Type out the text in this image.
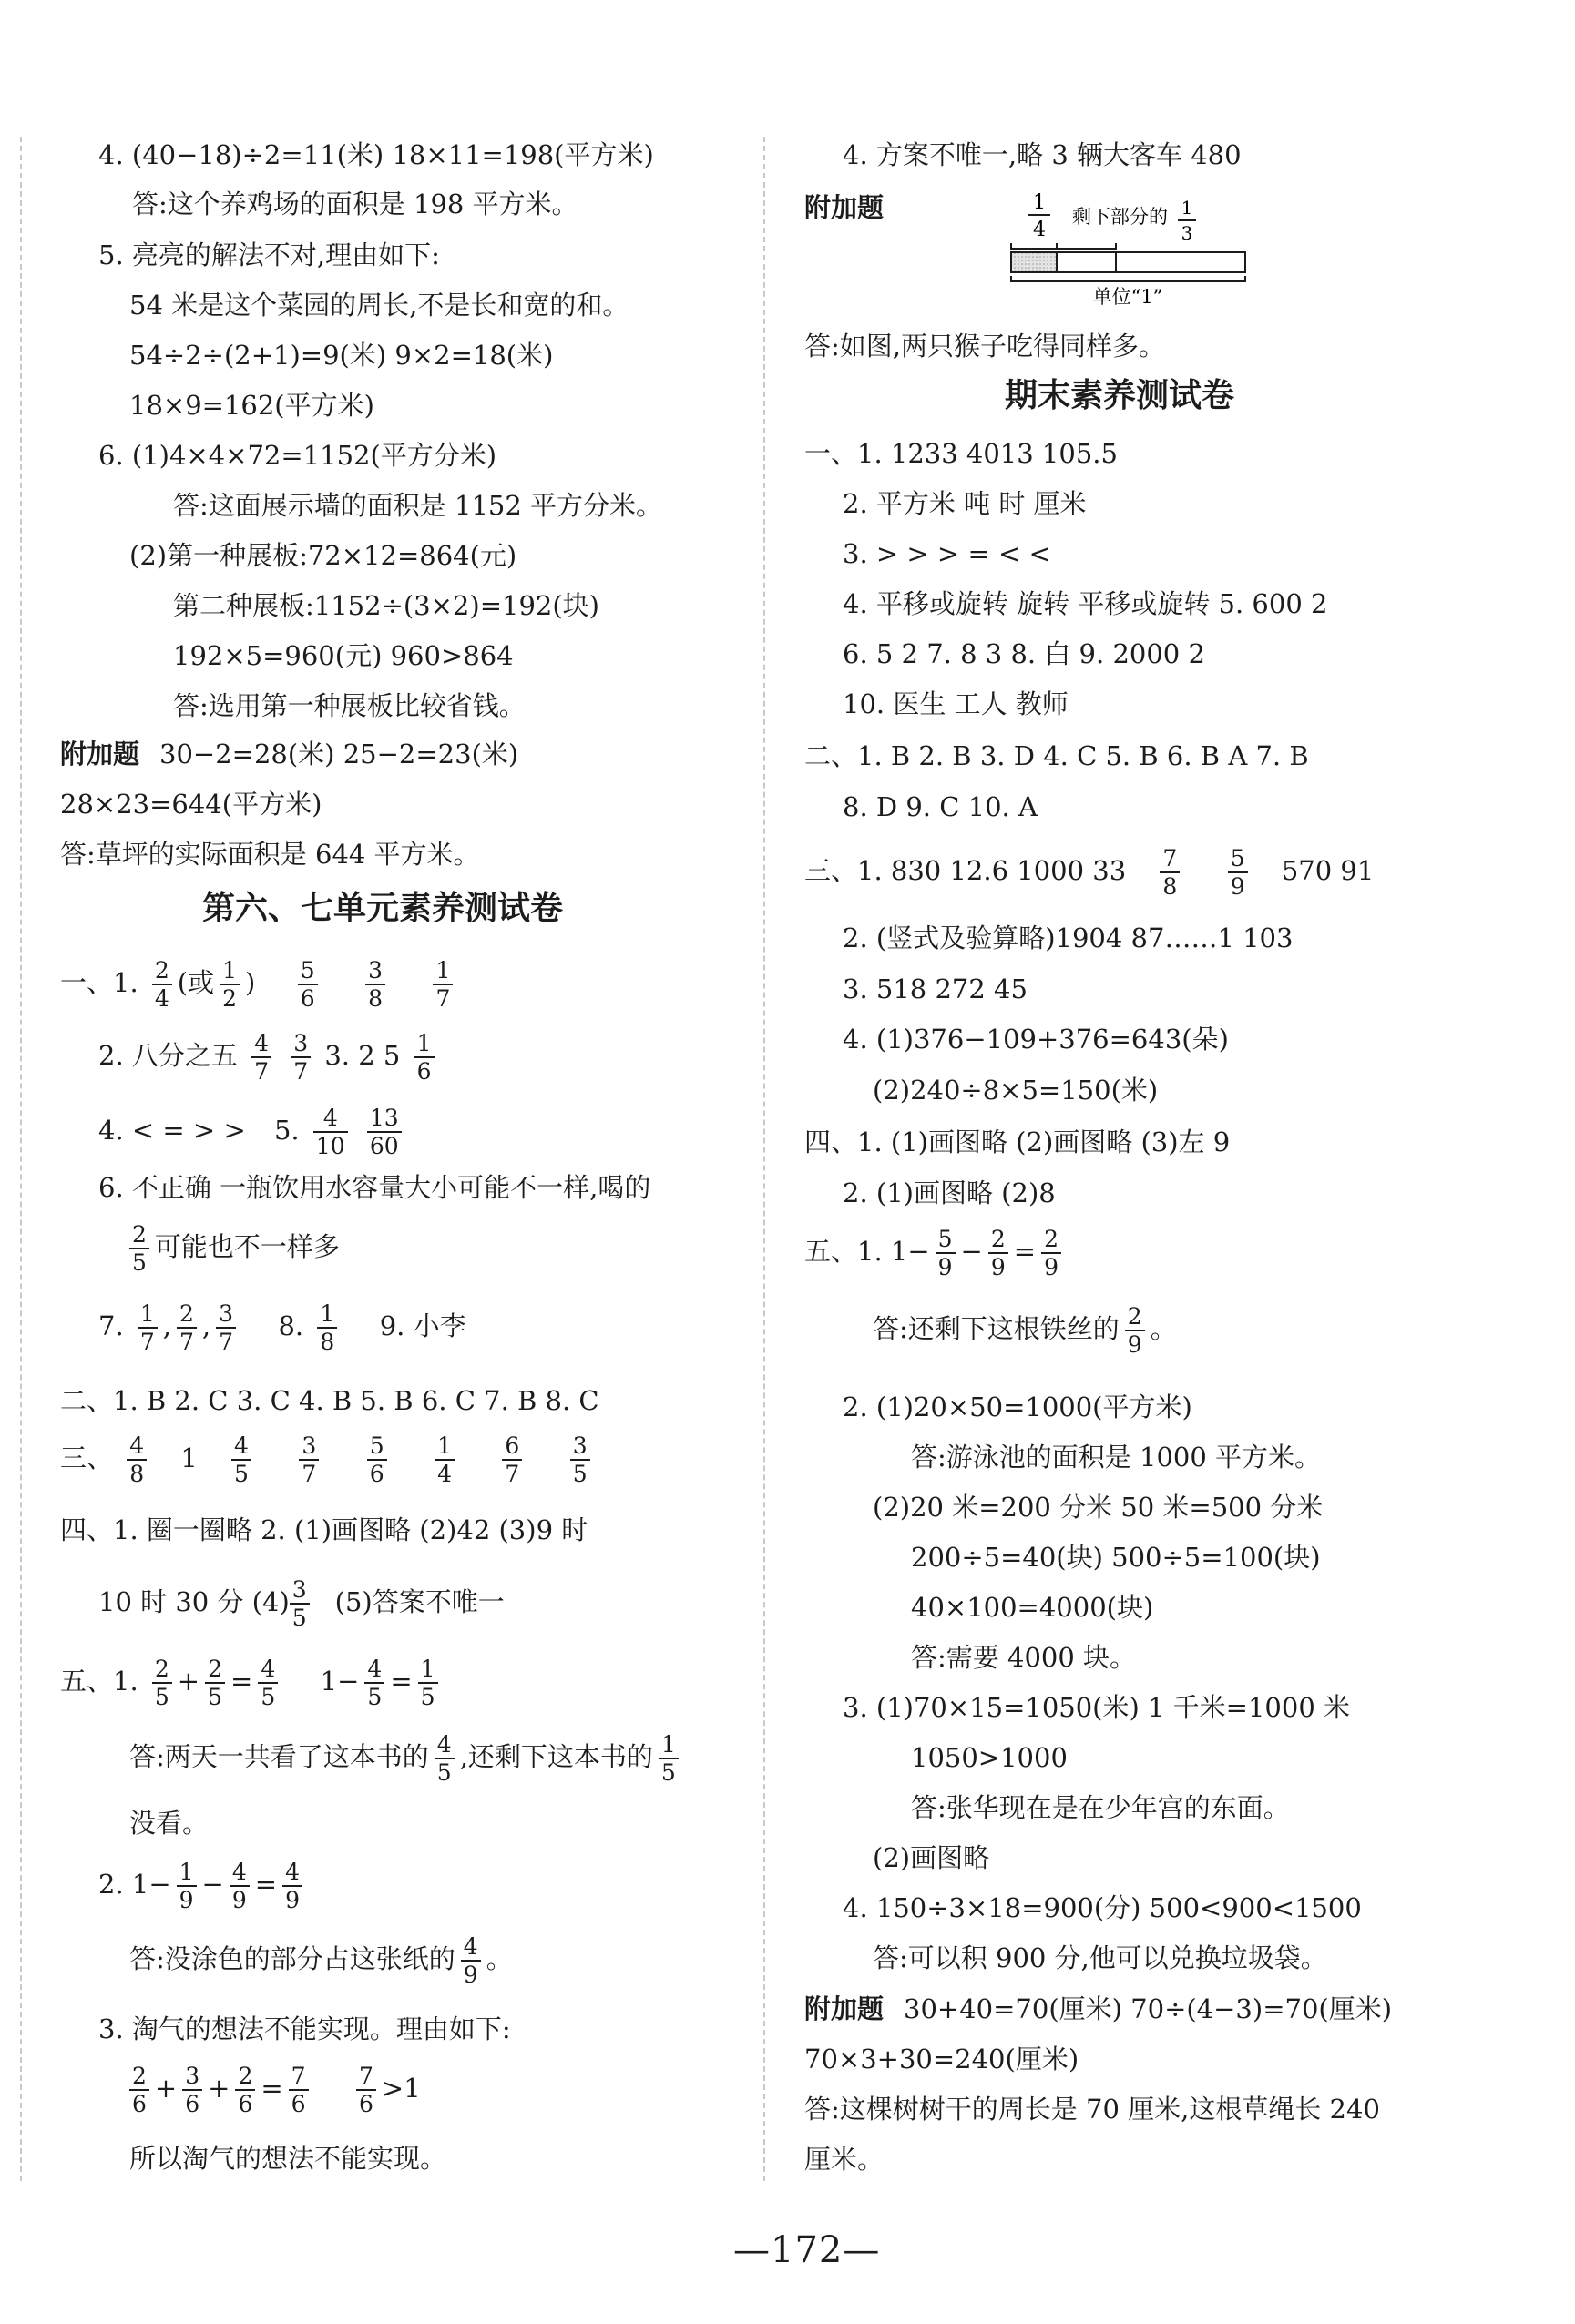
4. (40−18)÷2=11(米) 18×11=198(平方米)
答:这个养鸡场的面积是 198 平方米。
5. 亮亮的解法不对,理由如下:
54 米是这个菜园的周长,不是长和宽的和。
54÷2÷(2+1)=9(米) 9×2=18(米)
18×9=162(平方米)
6. (1)4×4×72=1152(平方分米)
答:这面展示墙的面积是 1152 平方分米。
(2)第一种展板:72×12=864(元)
第二种展板:1152÷(3×2)=192(块)
192×5=960(元) 960>864
答:选用第一种展板比较省钱。
附加题 30−2=28(米) 25−2=23(米)
28×23=644(平方米)
答:草坪的实际面积是 644 平方米。
第六、七单元素养测试卷
一、1. $\frac{2}{4}$ (或 $\frac{1}{2}$ ) $\frac{5}{6}$
$\frac{3}{8}$
$\frac{1}{7}$
2. 八分之五 $\frac{4}{7}$
$\frac{3}{7} 3$. 2 $5 \frac{1}{6}$
4. < = > > 5. $\frac{4}{10}$
$\frac{13}{60}$
6. 不正确 一瓶饮用水容量大小可能不一样,喝的
$\frac{2}{5}$ 可能也不一样多
7. $\frac{1}{7}$ , $\frac{2}{7}$ , $\frac{3}{7} 8$. $\frac{1}{8} 9$. 小李
二、1. B 2. C 3. C 4. B 5. B 6. C 7. B 8. C
三、 $\frac{4}{8} 1 \frac{4}{5}$
$\frac{3}{7}$
$\frac{5}{6}$
$\frac{1}{4}$
$\frac{6}{7}$
$\frac{3}{5}$
四、1. 圈一圈略 2. (1)画图略 (2)42 (3)9 时
10 时 30 分 $(4) \frac{3}{5} (5)$答案不唯一
五、1. $\frac{2}{5} + \frac{2}{5} = \frac{4}{5} 1- \frac{4}{5} = \frac{1}{5}$
答:两天一共看了这本书的 $\frac{4}{5}$ ,还剩下这本书的 $\frac{1}{5}$
没看。
2. $1- \frac{1}{9} - \frac{4}{9} = \frac{4}{9}$
答:没涂色的部分占这张纸的 $\frac{4}{9}$ 。
3. 淘气的想法不能实现。理由如下:
$\frac{2}{6} + \frac{3}{6} + \frac{2}{6} = \frac{7}{6}$
$\frac{7}{6} >1$
所以淘气的想法不能实现。
4. 方案不唯一,略 3 辆大客车 480
附加题	1
4
剩下部分的 1
3
单位“1”
答:如图,两只猴子吃得同样多。
期末素养测试卷
一、1. 1233 4013 105.5
2. 平方米 吨 时 厘米
3. > > > = < <
4. 平移或旋转 旋转 平移或旋转 5. 600 2
6. 5 2 7. 8 3 8. 白 9. 2000 2
10. 医生 工人 教师
二、1. B 2. B 3. D 4. C 5. B 6. B A 7. B
8. D 9. C 10. A
三、1. 830 12.6 1000 $33 \frac{7}{8}$
$\frac{5}{9} 570$ 91
2. (竖式及验算略)1904 87……1 103
3. 518 272 45
4. (1)376−109+376=643(朵)
(2)240÷8×5=150(米)
四、1. (1)画图略 (2)画图略 (3)左 9
2. (1)画图略 (2)8
五、1. $1- \frac{5}{9} - \frac{2}{9} = \frac{2}{9}$
答:还剩下这根铁丝的 $\frac{2}{9}$ 。
2. (1)20×50=1000(平方米)
答:游泳池的面积是 1000 平方米。
(2)20 米=200 分米 50 米=500 分米
200÷5=40(块) 500÷5=100(块)
40×100=4000(块)
答:需要 4000 块。
3. (1)70×15=1050(米) 1 千米=1000 米
1050>1000
答:张华现在是在少年宫的东面。
(2)画图略
4. 150÷3×18=900(分) 500<900<1500
答:可以积 900 分,他可以兑换垃圾袋。
附加题 30+40=70(厘米) 70÷(4−3)=70(厘米)
70×3+30=240(厘米)
答:这棵树树干的周长是 70 厘米,这根草绳长 240
厘米。
—172—
